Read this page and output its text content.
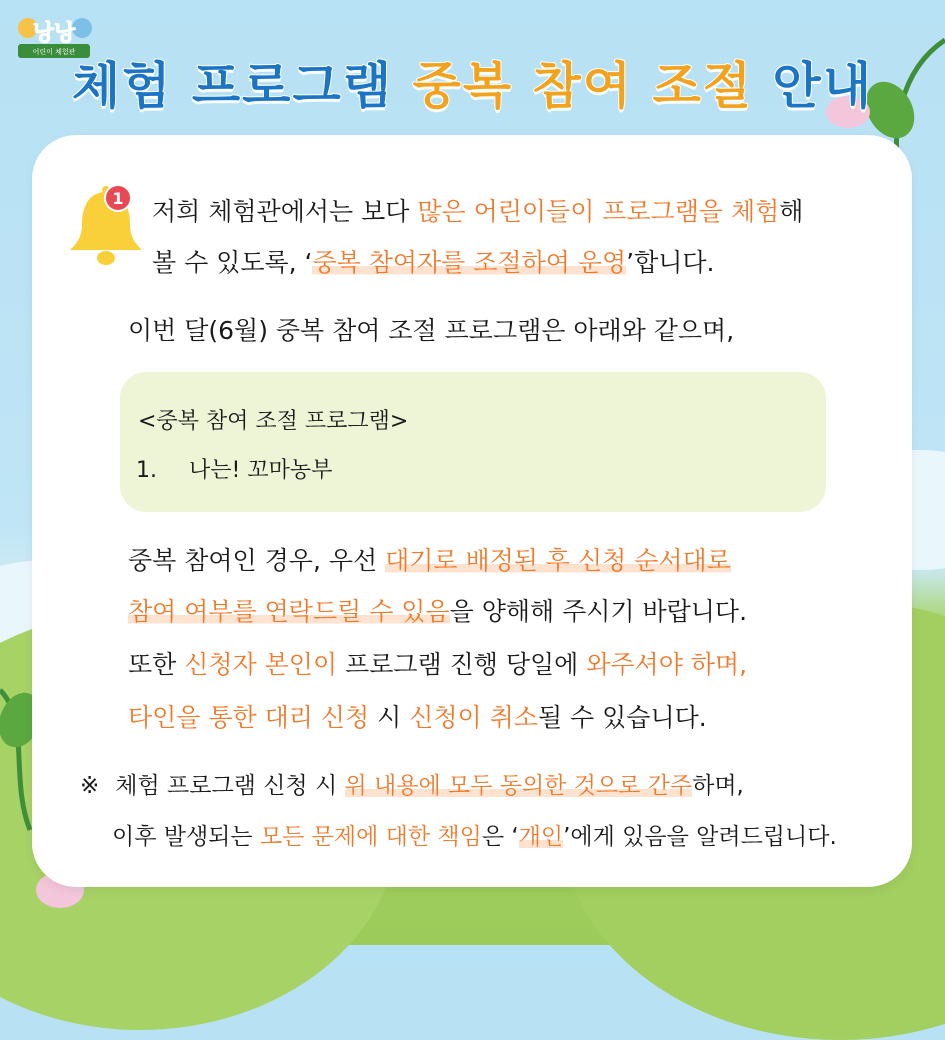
낭낭
어린이 체험관
체험 프로그램 중복 참여 조절 안내
1 저희 체험관에서는 보다 많은 어린이들이 프로그램을 체험해
볼 수 있도록, ‘중복 참여자를 조절하여 운영’합니다.
이번 달(6월) 중복 참여 조절 프로그램은 아래와 같으며,
<중복 참여 조절 프로그램>
1. 나는! 꼬마농부
중복 참여인 경우, 우선 대기로 배정된 후 신청 순서대로
참여 여부를 연락드릴 수 있음을 양해해 주시기 바랍니다.
또한 신청자 본인이 프로그램 진행 당일에 와주셔야 하며,
타인을 통한 대리 신청 시 신청이 취소될 수 있습니다.
※ 체험 프로그램 신청 시 위 내용에 모두 동의한 것으로 간주하며,
이후 발생되는 모든 문제에 대한 책임은 ‘개인’에게 있음을 알려드립니다.
